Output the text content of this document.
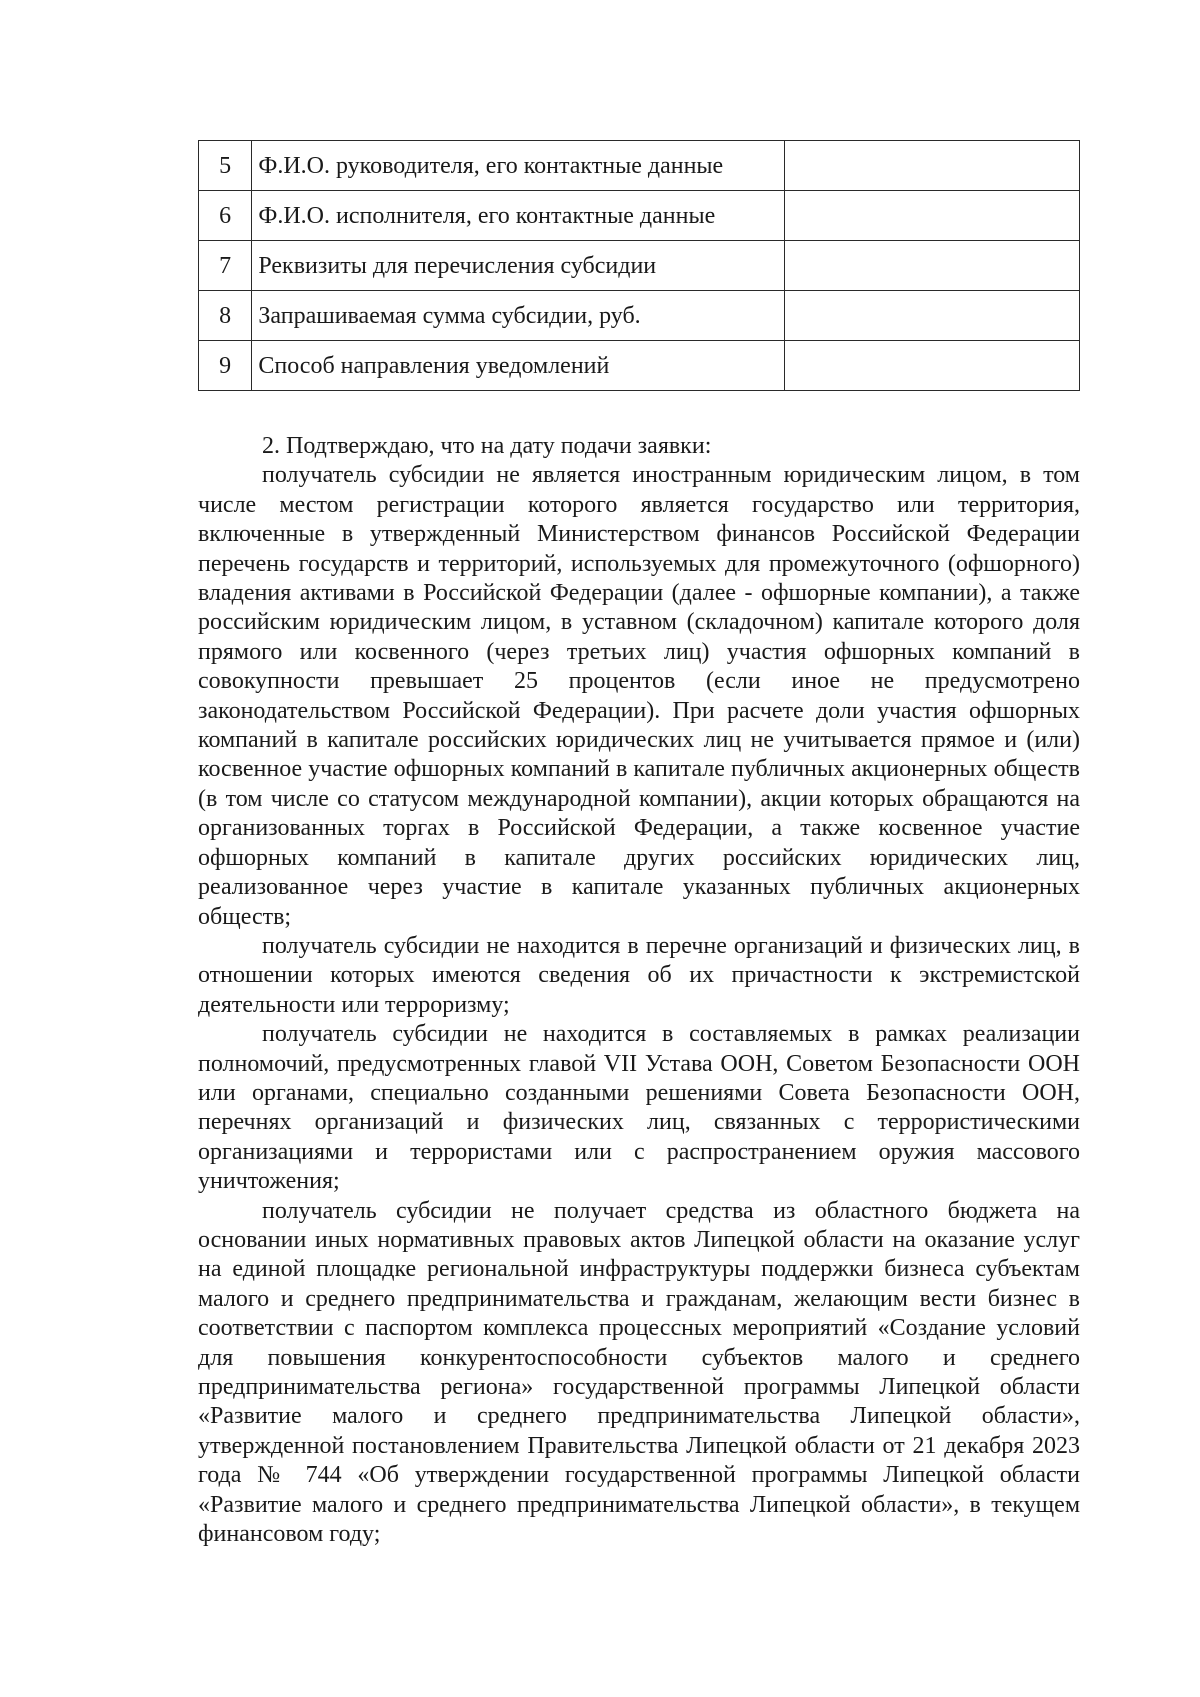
5	Ф.И.О. руководителя, его контактные данные	
6	Ф.И.О. исполнителя, его контактные данные	
7	Реквизиты для перечисления субсидии	
8	Запрашиваемая сумма субсидии, руб.	
9	Способ направления уведомлений	

2. Подтверждаю, что на дату подачи заявки:

получатель субсидии не является иностранным юридическим лицом, в том числе местом регистрации которого является государство или территория, включенные в утвержденный Министерством финансов Российской Федерации перечень государств и территорий, используемых для промежуточного (офшорного) владения активами в Российской Федерации (далее - офшорные компании), а также российским юридическим лицом, в уставном (складочном) капитале которого доля прямого или косвенного (через третьих лиц) участия офшорных компаний в совокупности превышает 25 процентов (если иное не предусмотрено законодательством Российской Федерации). При расчете доли участия офшорных компаний в капитале российских юридических лиц не учитывается прямое и (или) косвенное участие офшорных компаний в капитале публичных акционерных обществ (в том числе со статусом международной компании), акции которых обращаются на организованных торгах в Российской Федерации, а также косвенное участие офшорных компаний в капитале других российских юридических лиц, реализованное через участие в капитале указанных публичных акционерных обществ;

получатель субсидии не находится в перечне организаций и физических лиц, в отношении которых имеются сведения об их причастности к экстремистской деятельности или терроризму;

получатель субсидии не находится в составляемых в рамках реализации полномочий, предусмотренных главой VII Устава ООН, Советом Безопасности ООН или органами, специально созданными решениями Совета Безопасности ООН, перечнях организаций и физических лиц, связанных с террористическими организациями и террористами или с распространением оружия массового уничтожения;

получатель субсидии не получает средства из областного бюджета на основании иных нормативных правовых актов Липецкой области на оказание услуг на единой площадке региональной инфраструктуры поддержки бизнеса субъектам малого и среднего предпринимательства и гражданам, желающим вести бизнес в соответствии с паспортом комплекса процессных мероприятий «Создание условий для повышения конкурентоспособности субъектов малого и среднего предпринимательства региона» государственной программы Липецкой области «Развитие малого и среднего предпринимательства Липецкой области», утвержденной постановлением Правительства Липецкой области от 21 декабря 2023 года № 744 «Об утверждении государственной программы Липецкой области «Развитие малого и среднего предпринимательства Липецкой области», в текущем финансовом году;
